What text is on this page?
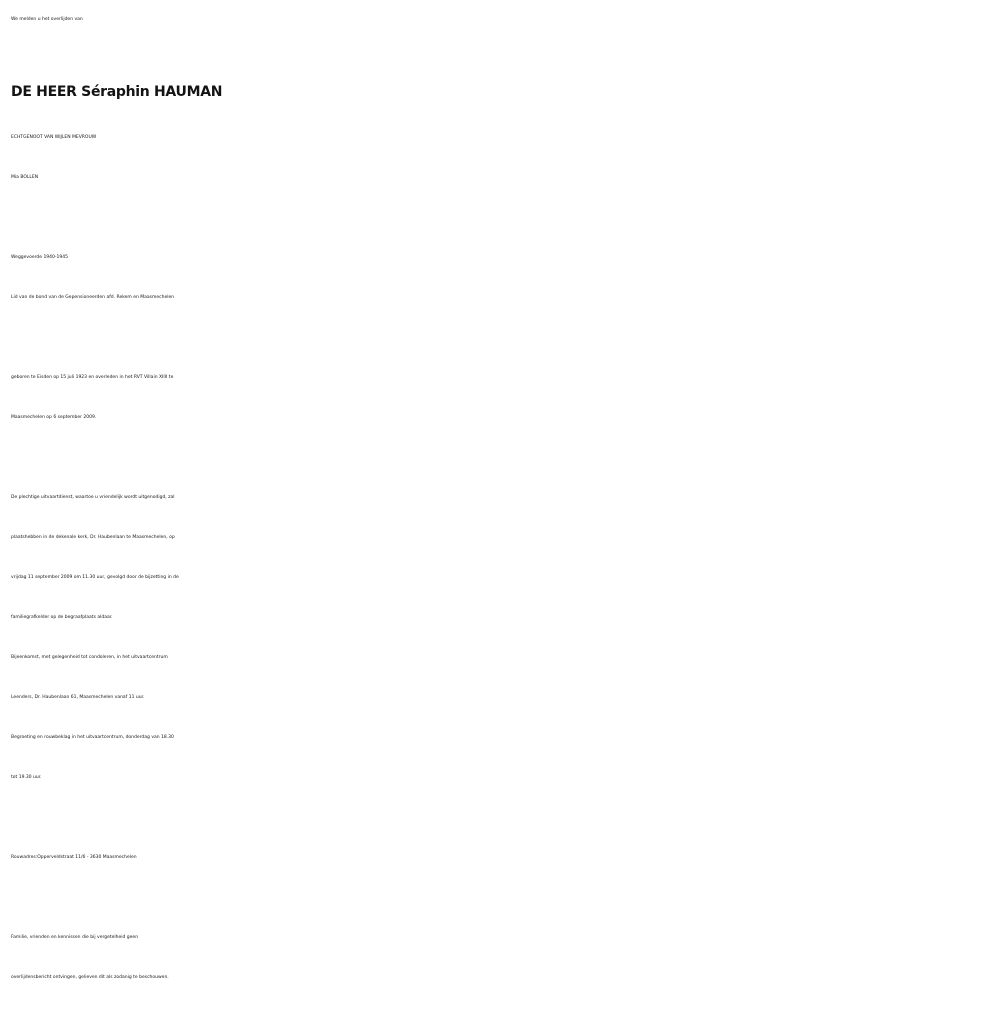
We melden u het overlijden van

DE HEER Séraphin HAUMAN

ECHTGENOOT VAN WIJLEN MEVROUW

Mia BOLLEN

Weggevoerde 1940-1945

Lid van de bond van de Gepensioneerden afd. Rekem en Maasmechelen

geboren te Eisden op 15 juli 1923 en overleden in het RVT Villain XIIII te

Maasmechelen op 6 september 2009.

De plechtige uitvaartdienst, waartoe u vriendelijk wordt uitgenodigd, zal

plaatshebben in de dekenale kerk, Dr. Haubenlaan te Maasmechelen, op

vrijdag 11 september 2009 om 11.30 uur, gevolgd door de bijzetting in de

familiegrafkelder op de begraafplaats aldaar.

Bijeenkomst, met gelegenheid tot condoleren, in het uitvaartcentrum

Leenders, Dr. Haubenlaan 61, Maasmechelen vanaf 11 uur.

Begroeting en rouwbeklag in het uitvaartcentrum, donderdag van 18.30

tot 19.30 uur.

Rouwadres:Opperveldstraat 11/6 - 3630 Maasmechelen

Familie, vrienden en kennissen die bij vergetelheid geen

overlijdensbericht ontvingen, gelieven dit als zodanig te beschouwen.
